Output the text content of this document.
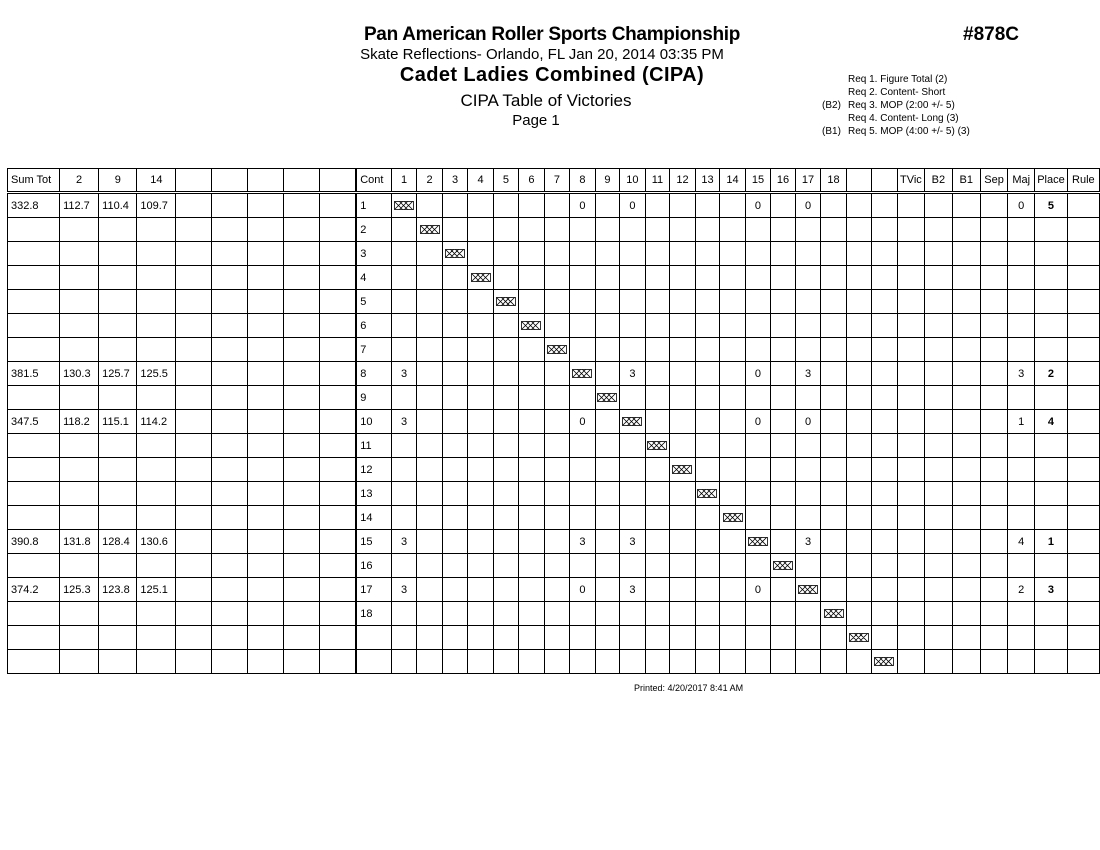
Pan American Roller Sports Championship	#878C
Skate Reflections- Orlando, FL Jan 20, 2014 03:35 PM
Cadet Ladies Combined (CIPA)
CIPA Table of Victories
Page 1
Req 1. Figure Total (2)
Req 2. Content- Short
(B2) Req 3. MOP (2:00 +/- 5)
Req 4. Content- Long (3)
(B1) Req 5. MOP (4:00 +/- 5) (3)
Sum Tot	2	9	14						Cont	1	2	3	4	5	6	7	8	9	10	11	12	13	14	15	16	17	18			TVic	B2	B1	Sep	Maj	Place	Rule
332.8	112.7	110.4	109.7						1								0		0					0		0								0	5	
									2		

									3			

									4				

									5					

									6						

									7							

381.5	130.3	125.7	125.5						8	3									3					0		3								3	2	
									9									

347.5	118.2	115.1	114.2						10	3							0							0		0								1	4	
									11											

									12												

									13													

									14														

390.8	131.8	128.4	130.6						15	3							3		3							3								4	1	
									16																

374.2	125.3	123.8	125.1						17	3							0		3					0										2	3	
									18																		

Printed: 4/20/2017 8:41 AM
